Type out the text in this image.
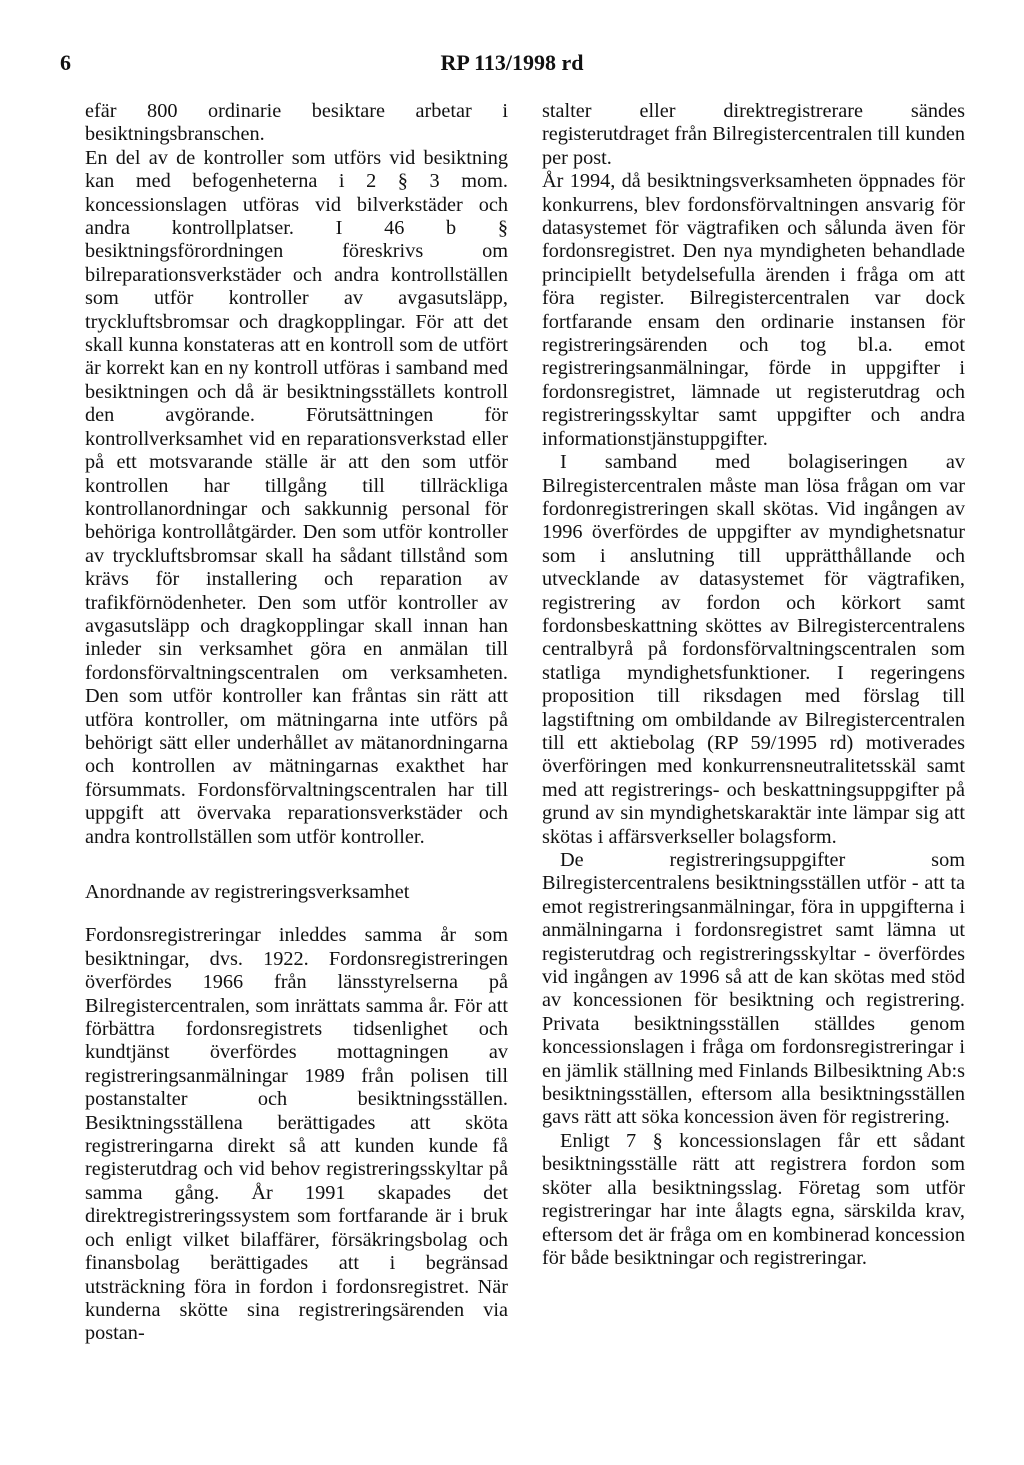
6	RP 113/1998 rd

efär 800 ordinarie besiktare arbetar i besiktningsbranschen.

En del av de kontroller som utförs vid besiktning kan med befogenheterna i 2 § 3 mom. koncessionslagen utföras vid bilverkstäder och andra kontrollplatser. I 46 b § besiktningsförordningen föreskrivs om bilreparationsverkstäder och andra kontrollställen som utför kontroller av avgasutsläpp, tryckluftsbromsar och dragkopplingar. För att det skall kunna konstateras att en kontroll som de utfört är korrekt kan en ny kontroll utföras i samband med besiktningen och då är besiktningsställets kontroll den avgörande. Förutsättningen för kontrollverksamhet vid en reparationsverkstad eller på ett motsvarande ställe är att den som utför kontrollen har tillgång till tillräckliga kontrollanordningar och sakkunnig personal för behöriga kontrollåtgärder. Den som utför kontroller av tryckluftsbromsar skall ha sådant tillstånd som krävs för installering och reparation av trafikförnödenheter. Den som utför kontroller av avgasutsläpp och dragkopplingar skall innan han inleder sin verksamhet göra en anmälan till fordonsförvaltningscentralen om verksamheten. Den som utför kontroller kan fråntas sin rätt att utföra kontroller, om mätningarna inte utförs på behörigt sätt eller underhållet av mätanordningarna och kontrollen av mätningarnas exakthet har försummats. Fordonsförvaltningscentralen har till uppgift att övervaka reparationsverkstäder och andra kontrollställen som utför kontroller.

Anordnande av registreringsverksamhet

Fordonsregistreringar inleddes samma år som besiktningar, dvs. 1922. Fordonsregistreringen överfördes 1966 från länsstyrelserna på Bilregistercentralen, som inrättats samma år. För att förbättra fordonsregistrets tidsenlighet och kundtjänst överfördes mottagningen av registreringsanmälningar 1989 från polisen till postanstalter och besiktningsställen. Besiktningsställena berättigades att sköta registreringarna direkt så att kunden kunde få registerutdrag och vid behov registreringsskyltar på samma gång. År 1991 skapades det direktregistreringssystem som fortfarande är i bruk och enligt vilket bilaffärer, försäkringsbolag och finansbolag berättigades att i begränsad utsträckning föra in fordon i fordonsregistret. När kunderna skötte sina registreringsärenden via postan-

stalter eller direktregistrerare sändes registerutdraget från Bilregistercentralen till kunden per post.

År 1994, då besiktningsverksamheten öppnades för konkurrens, blev fordonsförvaltningen ansvarig för datasystemet för vägtrafiken och sålunda även för fordonsregistret. Den nya myndigheten behandlade principiellt betydelsefulla ärenden i fråga om att föra register. Bilregistercentralen var dock fortfarande ensam den ordinarie instansen för registreringsärenden och tog bl.a. emot registreringsanmälningar, förde in uppgifter i fordonsregistret, lämnade ut registerutdrag och registreringsskyltar samt uppgifter och andra informationstjänstuppgifter.

I samband med bolagiseringen av Bilregistercentralen måste man lösa frågan om var fordonregistreringen skall skötas. Vid ingången av 1996 överfördes de uppgifter av myndighetsnatur som i anslutning till upprätthållande och utvecklande av datasystemet för vägtrafiken, registrering av fordon och körkort samt fordonsbeskattning sköttes av Bilregistercentralens centralbyrå på fordonsförvaltningscentralen som statliga myndighetsfunktioner. I regeringens proposition till riksdagen med förslag till lagstiftning om ombildande av Bilregistercentralen till ett aktiebolag (RP 59/1995 rd) motiverades överföringen med konkurrensneutralitetsskäl samt med att registrerings- och beskattningsuppgifter på grund av sin myndighetskaraktär inte lämpar sig att skötas i affärsverkseller bolagsform.

De registreringsuppgifter som Bilregistercentralens besiktningsställen utför - att ta emot registreringsanmälningar, föra in uppgifterna i anmälningarna i fordonsregistret samt lämna ut registerutdrag och registreringsskyltar - överfördes vid ingången av 1996 så att de kan skötas med stöd av koncessionen för besiktning och registrering. Privata besiktningsställen ställdes genom koncessionslagen i fråga om fordonsregistreringar i en jämlik ställning med Finlands Bilbesiktning Ab:s besiktningsställen, eftersom alla besiktningsställen gavs rätt att söka koncession även för registrering.

Enligt 7 § koncessionslagen får ett sådant besiktningsställe rätt att registrera fordon som sköter alla besiktningsslag. Företag som utför registreringar har inte ålagts egna, särskilda krav, eftersom det är fråga om en kombinerad koncession för både besiktningar och registreringar.
